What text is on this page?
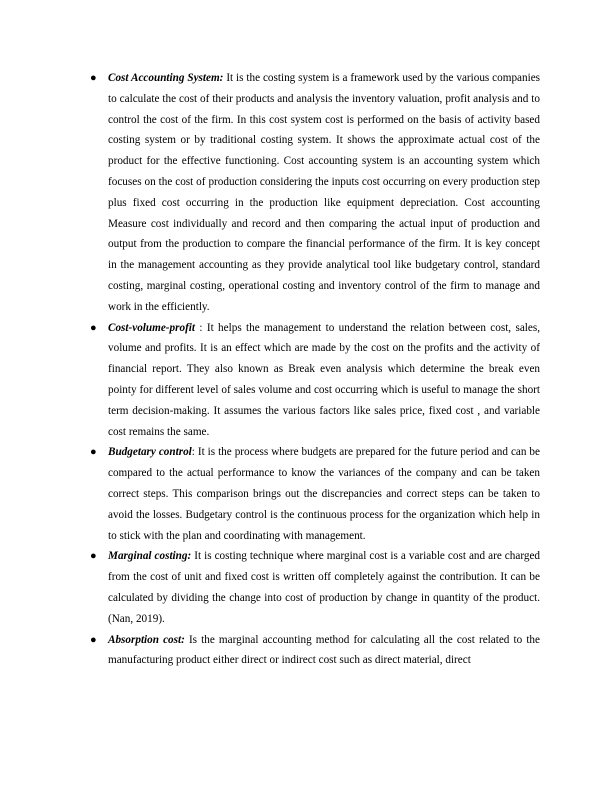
● Cost Accounting System: It is the costing system is a framework used by the various companies to calculate the cost of their products and analysis the inventory valuation, profit analysis and to control the cost of the firm. In this cost system cost is performed on the basis of activity based costing system or by traditional costing system. It shows the approximate actual cost of the product for the effective functioning. Cost accounting system is an accounting system which focuses on the cost of production considering the inputs cost occurring on every production step plus fixed cost occurring in the production like equipment depreciation. Cost accounting Measure cost individually and record and then comparing the actual input of production and output from the production to compare the financial performance of the firm. It is key concept in the management accounting as they provide analytical tool like budgetary control, standard costing, marginal costing, operational costing and inventory control of the firm to manage and work in the efficiently.
● Cost-volume-profit : It helps the management to understand the relation between cost, sales, volume and profits. It is an effect which are made by the cost on the profits and the activity of financial report. They also known as Break even analysis which determine the break even pointy for different level of sales volume and cost occurring which is useful to manage the short term decision-making. It assumes the various factors like sales price, fixed cost , and variable cost remains the same.
● Budgetary control: It is the process where budgets are prepared for the future period and can be compared to the actual performance to know the variances of the company and can be taken correct steps. This comparison brings out the discrepancies and correct steps can be taken to avoid the losses. Budgetary control is the continuous process for the organization which help in to stick with the plan and coordinating with management.
● Marginal costing: It is costing technique where marginal cost is a variable cost and are charged from the cost of unit and fixed cost is written off completely against the contribution. It can be calculated by dividing the change into cost of production by change in quantity of the product. (Nan, 2019).
● Absorption cost: Is the marginal accounting method for calculating all the cost related to the manufacturing product either direct or indirect cost such as direct material, direct
